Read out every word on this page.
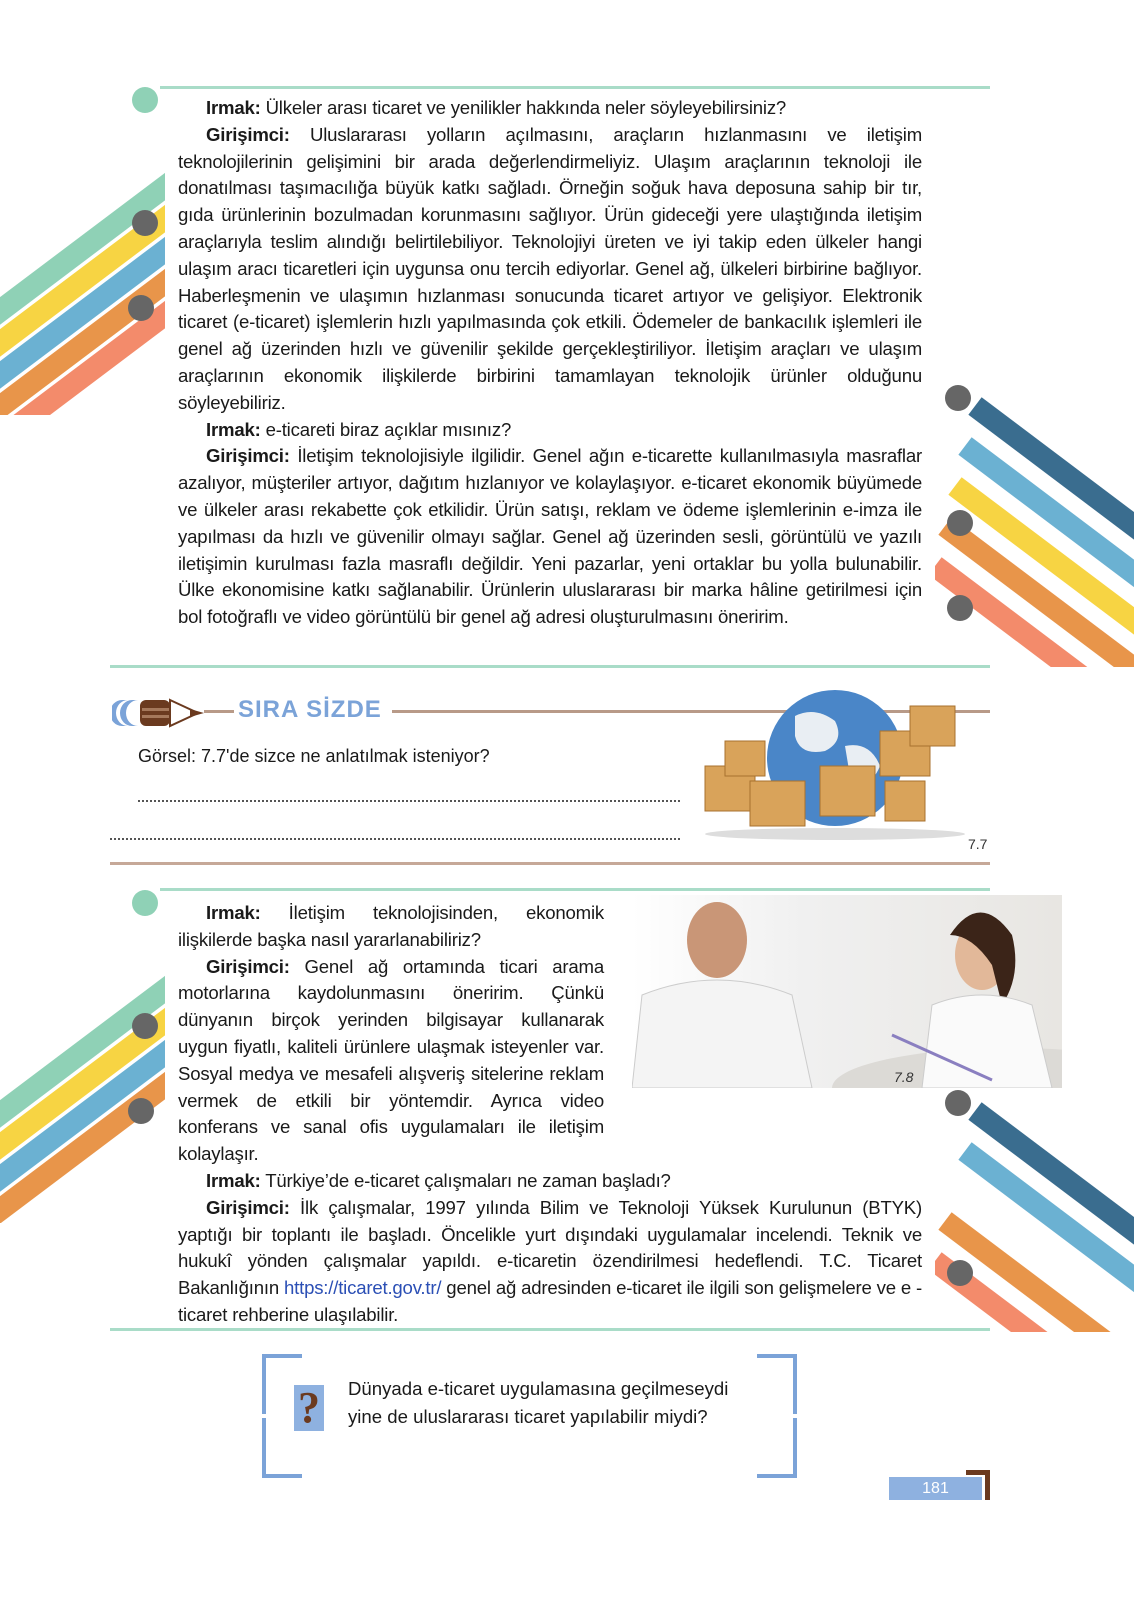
Irmak: Ülkeler arası ticaret ve yenilikler hakkında neler söyleyebilirsiniz?

Girişimci: Uluslararası yolların açılmasını, araçların hızlanmasını ve iletişim teknolojilerinin gelişimini bir arada değerlendirmeliyiz. Ulaşım araçlarının teknoloji ile donatılması taşımacılığa büyük katkı sağladı. Örneğin soğuk hava deposuna sahip bir tır, gıda ürünlerinin bozulmadan korunmasını sağlıyor. Ürün gideceği yere ulaştığında iletişim araçlarıyla teslim alındığı belirtilebiliyor. Teknolojiyi üreten ve iyi takip eden ülkeler hangi ulaşım aracı ticaretleri için uygunsa onu tercih ediyorlar. Genel ağ, ülkeleri birbirine bağlıyor. Haberleşmenin ve ulaşımın hızlanması sonucunda ticaret artıyor ve gelişiyor. Elektronik ticaret (e-ticaret) işlemlerin hızlı yapılmasında çok etkili. Ödemeler de bankacılık işlemleri ile genel ağ üzerinden hızlı ve güvenilir şekilde gerçekleştiriliyor. İletişim araçları ve ulaşım araçlarının ekonomik ilişkilerde birbirini tamamlayan teknolojik ürünler olduğunu söyleyebiliriz.

Irmak: e-ticareti biraz açıklar mısınız?

Girişimci: İletişim teknolojisiyle ilgilidir. Genel ağın e-ticarette kullanılmasıyla masraflar azalıyor, müşteriler artıyor, dağıtım hızlanıyor ve kolaylaşıyor. e-ticaret ekonomik büyümede ve ülkeler arası rekabette çok etkilidir. Ürün satışı, reklam ve ödeme işlemlerinin e-imza ile yapılması da hızlı ve güvenilir olmayı sağlar. Genel ağ üzerinden sesli, görüntülü ve yazılı iletişimin kurulması fazla masraflı değildir. Yeni pazarlar, yeni ortaklar bu yolla bulunabilir. Ülke ekonomisine katkı sağlanabilir. Ürünlerin uluslararası bir marka hâline getirilmesi için bol fotoğraflı ve video görüntülü bir genel ağ adresi oluşturulmasını öneririm.

SIRA SİZDE
Görsel: 7.7'de sizce ne anlatılmak isteniyor?
7.7
7.8

Irmak: İletişim teknolojisinden, ekonomik ilişkilerde başka nasıl yararlanabiliriz?

Girişimci: Genel ağ ortamında ticari arama motorlarına kaydolunmasını öneririm. Çünkü dünyanın birçok yerinden bilgisayar kullanarak uygun fiyatlı, kaliteli ürünlere ulaşmak isteyenler var. Sosyal medya ve mesafeli alışveriş sitelerine reklam vermek de etkili bir yöntemdir. Ayrıca video konferans ve sanal ofis uygulamaları ile iletişim kolaylaşır.

Irmak: Türkiye’de e-ticaret çalışmaları ne zaman başladı?

Girişimci: İlk çalışmalar, 1997 yılında Bilim ve Teknoloji Yüksek Kurulunun (BTYK) yaptığı bir toplantı ile başladı. Öncelikle yurt dışındaki uygulamalar incelendi. Teknik ve hukukî yönden çalışmalar yapıldı. e-ticaretin özendirilmesi hedeflendi. T.C. Ticaret Bakanlığının https://ticaret.gov.tr/ genel ağ adresinden e-ticaret ile ilgili son gelişmelere ve e - ticaret rehberine ulaşılabilir.

? Dünyada e-ticaret uygulamasına geçilmeseydi
yine de uluslararası ticaret yapılabilir miydi?
181
